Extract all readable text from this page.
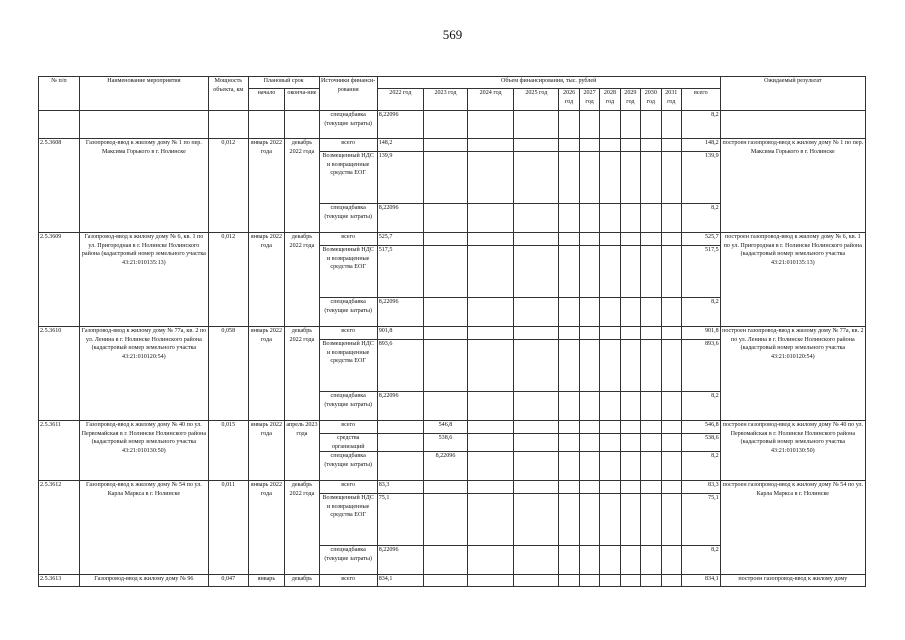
569
№ п/п	Наименование мероприятия	Мощность объекта, км	Плановый срок		Источники финанси-рования	Объем финансирования, тыс. рублей											Ожидаемый результат
			начало	оконча-ние		2022 год	2023 год	2024 год	2025 год	2026 год	2027 год	2028 год	2029 год	2030 год	2031 год	всего	
					спецнадбавка (текущие затраты)	8,22096										8,2	
2.5.3608	Газопровод-ввод к жилому дому № 1 по пер. Максима Горького в г. Нолинске	0,012	январь 2022 года	декабрь 2022 года	всего	148,2										148,2	построен газопровод-ввод к жилому дому № 1 по пер. Максима Горького в г. Нолинске
					Возмещенный НДС и возвращенные средства ЕОГ	139,9										139,9	
					спецнадбавка (текущие затраты)	8,22096										8,2	
2.5.3609	Газопровод-ввод к жилому дому № 6, кв. 1 по ул. Пригородная в г. Нолинске Нолинского района (кадастровый номер земельного участка 43:21:010135:13)	0,012	январь 2022 года	декабрь 2022 года	всего	525,7										525,7	построен газопровод-ввод к жилому дому № 6, кв. 1 по ул. Пригородная в г. Нолинске Нолинского района (кадастровый номер земельного участка 43:21:010135:13)
					Возмещенный НДС и возвращенные средства ЕОГ	517,5										517,5	
					спецнадбавка (текущие затраты)	8,22096										8,2	
2.5.3610	Газопровод-ввод к жилому дому № 77а, кв. 2 по ул. Ленина в г. Нолинске Нолинского района (кадастровый номер земельного участка 43:21:010120:54)	0,058	январь 2022 года	декабрь 2022 года	всего	901,8										901,8	построен газопровод-ввод к жилому дому № 77а, кв. 2 по ул. Ленина в г. Нолинске Нолинского района (кадастровый номер земельного участка 43:21:010120:54)
					Возмещенный НДС и возвращенные средства ЕОГ	893,6										893,6	
					спецнадбавка (текущие затраты)	8,22096										8,2	
2.5.3611	Газопровод-ввод к жилому дому № 40 по ул. Первомайская в г. Нолинске Нолинского района (кадастровый номер земельного участка 43:21:010130:50)	0,015	январь 2022 года	апрель 2023 года	всего		546,8									546,8	построен газопровод-ввод к жилому дому № 40 по ул. Первомайская в г. Нолинске Нолинского района (кадастровый номер земельного участка 43:21:010130:50)
					средства организаций		538,6									538,6	
					спецнадбавка (текущие затраты)		8,22096									8,2	
2.5.3612	Газопровод-ввод к жилому дому № 54 по ул. Карла Маркса в г. Нолинске	0,011	январь 2022 года	декабрь 2022 года	всего	83,3										83,3	построен газопровод-ввод к жилому дому № 54 по ул. Карла Маркса в г. Нолинске
					Возмещенный НДС и возвращенные средства ЕОГ	75,1										75,1	
					спецнадбавка (текущие затраты)	8,22096										8,2	
2.5.3613	Газопровод-ввод к жилому дому № 96	0,047	январь	декабрь	всего	834,1										834,1	построен газопровод-ввод к жилому дому
